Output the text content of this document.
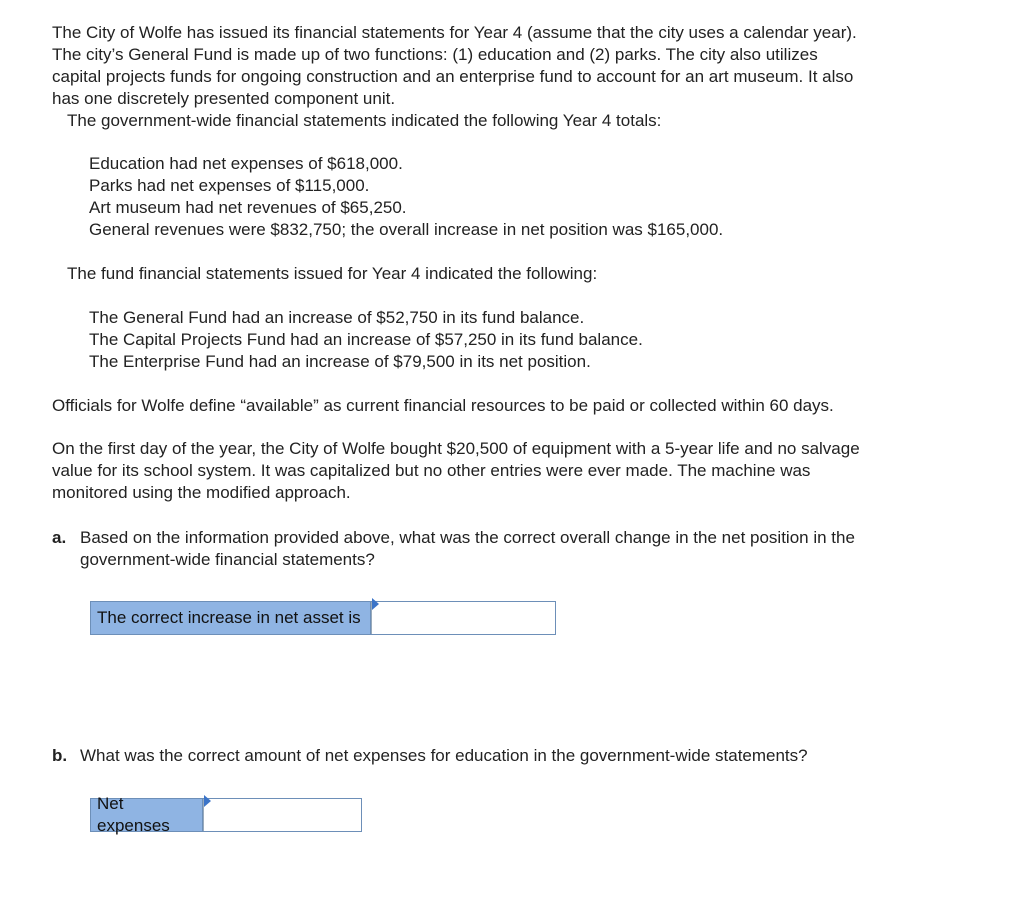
The City of Wolfe has issued its financial statements for Year 4 (assume that the city uses a calendar year).
The city’s General Fund is made up of two functions: (1) education and (2) parks. The city also utilizes
capital projects funds for ongoing construction and an enterprise fund to account for an art museum. It also
has one discretely presented component unit.
The government-wide financial statements indicated the following Year 4 totals:
Education had net expenses of $618,000.
Parks had net expenses of $115,000.
Art museum had net revenues of $65,250.
General revenues were $832,750; the overall increase in net position was $165,000.
The fund financial statements issued for Year 4 indicated the following:
The General Fund had an increase of $52,750 in its fund balance.
The Capital Projects Fund had an increase of $57,250 in its fund balance.
The Enterprise Fund had an increase of $79,500 in its net position.
Officials for Wolfe define “available” as current financial resources to be paid or collected within 60 days.
On the first day of the year, the City of Wolfe bought $20,500 of equipment with a 5-year life and no salvage
value for its school system. It was capitalized but no other entries were ever made. The machine was
monitored using the modified approach.
a. Based on the information provided above, what was the correct overall change in the net position in the
government-wide financial statements?
The correct increase in net asset is
b. What was the correct amount of net expenses for education in the government-wide statements?
Net expenses
